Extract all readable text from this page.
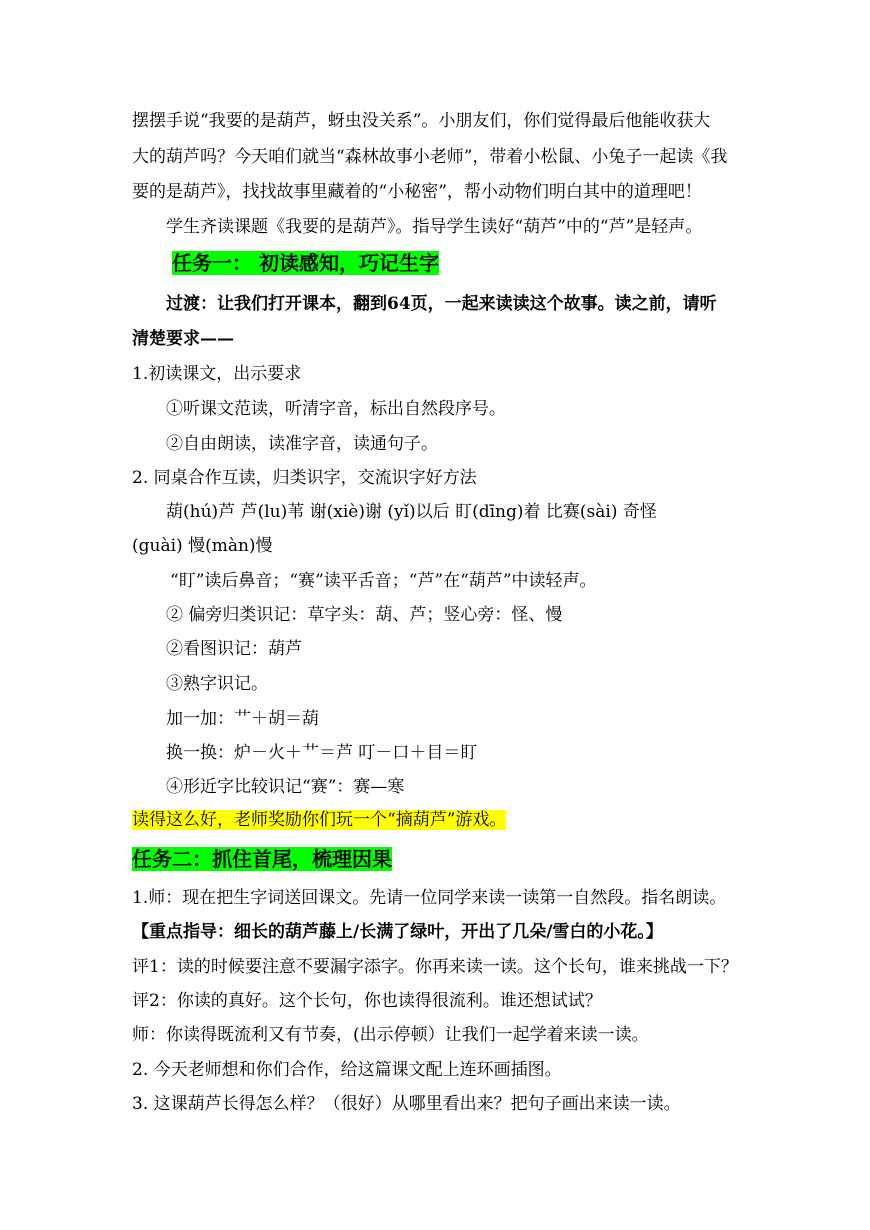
摆摆手说“我要的是葫芦，蚜虫没关系”。小朋友们，你们觉得最后他能收获大
大的葫芦吗？今天咱们就当“森林故事小老师”，带着小松鼠、小兔子一起读《我
要的是葫芦》，找找故事里藏着的“小秘密”，帮小动物们明白其中的道理吧！
学生齐读课题《我要的是葫芦》。指导学生读好“葫芦”中的“芦”是轻声。
任务一： 初读感知，巧记生字
过渡：让我们打开课本，翻到64页，一起来读读这个故事。读之前，请听
清楚要求——
1.初读课文，出示要求
①听课文范读，听清字音，标出自然段序号。
②自由朗读，读准字音，读通句子。
2. 同桌合作互读，归类识字，交流识字好方法
葫(hú)芦 芦(lu)苇 谢(xiè)谢 (yǐ)以后 盯(dīng)着 比赛(sài) 奇怪
(guài) 慢(màn)慢
“盯”读后鼻音；“赛”读平舌音；“芦”在“葫芦”中读轻声。
② 偏旁归类识记：草字头：葫、芦；竖心旁：怪、慢
②看图识记：葫芦
③熟字识记。
加一加：艹＋胡＝葫
换一换：炉－火＋艹＝芦 叮－口＋目＝盯
④形近字比较识记“赛”：赛—寒
读得这么好，老师奖励你们玩一个“摘葫芦”游戏。
任务二：抓住首尾，梳理因果
1.师：现在把生字词送回课文。先请一位同学来读一读第一自然段。指名朗读。
【重点指导：细长的葫芦藤上/长满了绿叶，开出了几朵/雪白的小花。】
评1：读的时候要注意不要漏字添字。你再来读一读。这个长句，谁来挑战一下？
评2：你读的真好。这个长句，你也读得很流利。谁还想试试？
师：你读得既流利又有节奏，(出示停顿）让我们一起学着来读一读。
2. 今天老师想和你们合作，给这篇课文配上连环画插图。
3. 这课葫芦长得怎么样？（很好）从哪里看出来？把句子画出来读一读。
